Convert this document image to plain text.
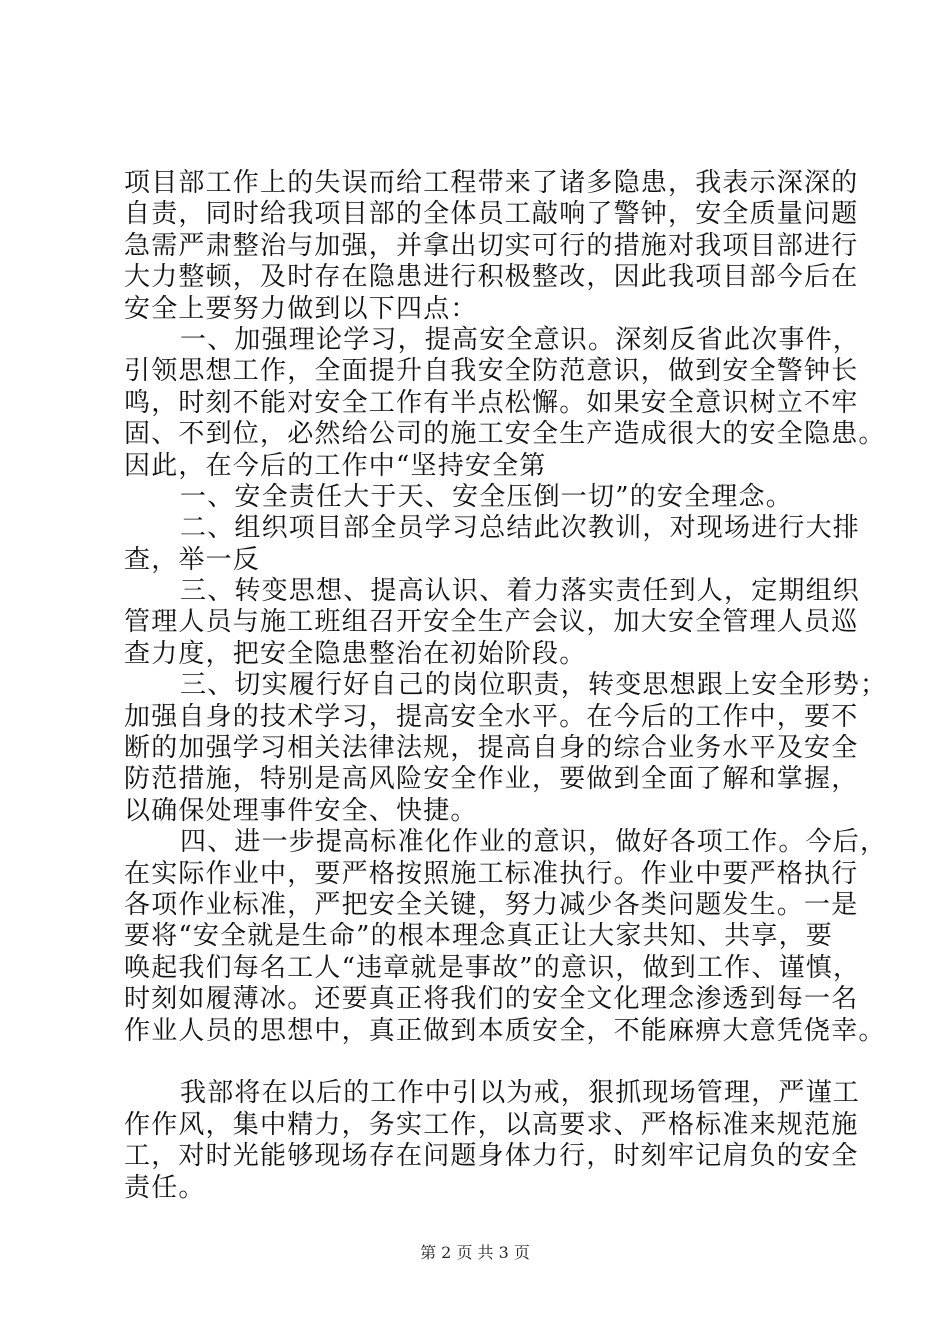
项目部工作上的失误而给工程带来了诸多隐患，我表示深深的
自责，同时给我项目部的全体员工敲响了警钟，安全质量问题
急需严肃整治与加强，并拿出切实可行的措施对我项目部进行
大力整顿，及时存在隐患进行积极整改，因此我项目部今后在
安全上要努力做到以下四点：
一、加强理论学习，提高安全意识。深刻反省此次事件，
引领思想工作，全面提升自我安全防范意识，做到安全警钟长
鸣，时刻不能对安全工作有半点松懈。如果安全意识树立不牢
固、不到位，必然给公司的施工安全生产造成很大的安全隐患。
因此，在今后的工作中“坚持安全第
一、安全责任大于天、安全压倒一切”的安全理念。
二、组织项目部全员学习总结此次教训，对现场进行大排
查，举一反
三、转变思想、提高认识、着力落实责任到人，定期组织
管理人员与施工班组召开安全生产会议，加大安全管理人员巡
查力度，把安全隐患整治在初始阶段。
三、切实履行好自己的岗位职责，转变思想跟上安全形势；
加强自身的技术学习，提高安全水平。在今后的工作中，要不
断的加强学习相关法律法规，提高自身的综合业务水平及安全
防范措施，特别是高风险安全作业，要做到全面了解和掌握，
以确保处理事件安全、快捷。
四、进一步提高标准化作业的意识，做好各项工作。今后，
在实际作业中，要严格按照施工标准执行。作业中要严格执行
各项作业标准，严把安全关键，努力减少各类问题发生。一是
要将“安全就是生命”的根本理念真正让大家共知、共享，要
唤起我们每名工人“违章就是事故”的意识，做到工作、谨慎，
时刻如履薄冰。还要真正将我们的安全文化理念渗透到每一名
作业人员的思想中，真正做到本质安全，不能麻痹大意凭侥幸。
我部将在以后的工作中引以为戒，狠抓现场管理，严谨工
作作风，集中精力，务实工作，以高要求、严格标准来规范施
工，对时光能够现场存在问题身体力行，时刻牢记肩负的安全
责任。
第 2 页 共 3 页
